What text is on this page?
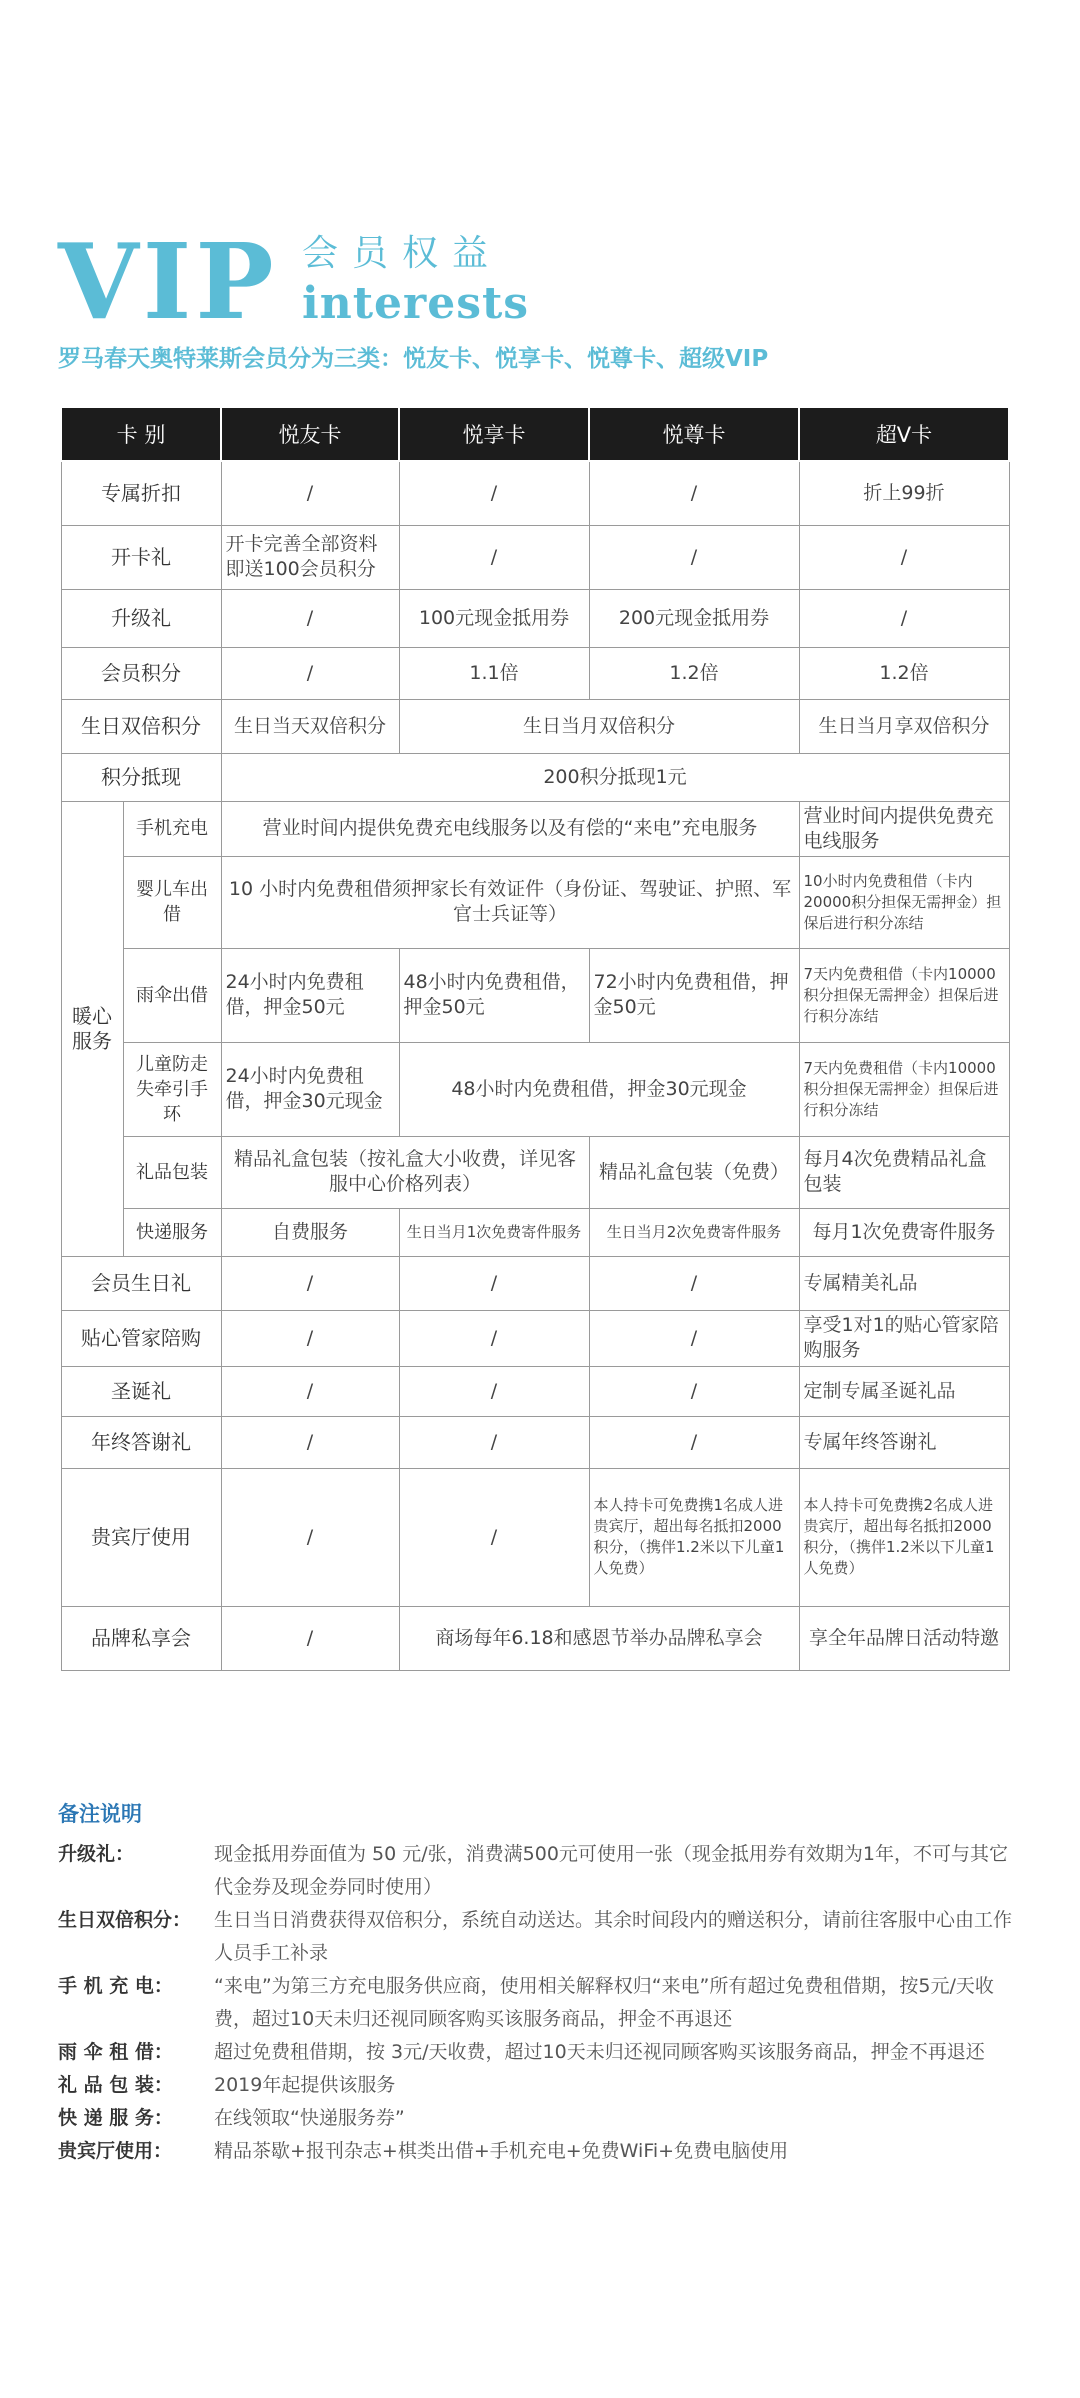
VIP 会员权益
interests
罗马春天奥特莱斯会员分为三类：悦友卡、悦享卡、悦尊卡、超级VIP
卡 别		悦友卡	悦享卡	悦尊卡	超V卡
专属折扣		/	/	/	折上99折
开卡礼		开卡完善全部资料即送100会员积分	/	/	/
升级礼		/	100元现金抵用券	200元现金抵用券	/
会员积分		/	1.1倍	1.2倍	1.2倍
生日双倍积分		生日当天双倍积分	生日当月双倍积分		生日当月享双倍积分
积分抵现		200积分抵现1元			
暖心服务	手机充电	营业时间内提供免费充电线服务以及有偿的“来电”充电服务			营业时间内提供免费充电线服务
	婴儿车出借	10 小时内免费租借须押家长有效证件（身份证、驾驶证、护照、军官士兵证等）			10小时内免费租借（卡内20000积分担保无需押金）担保后进行积分冻结
	雨伞出借	24小时内免费租借，押金50元	48小时内免费租借，押金50元	72小时内免费租借，押金50元	7天内免费租借（卡内10000积分担保无需押金）担保后进行积分冻结
	儿童防走失牵引手环	24小时内免费租借，押金30元现金	48小时内免费租借，押金30元现金		7天内免费租借（卡内10000积分担保无需押金）担保后进行积分冻结
	礼品包装	精品礼盒包装（按礼盒大小收费，详见客服中心价格列表）		精品礼盒包装（免费）	每月4次免费精品礼盒包装
	快递服务	自费服务	生日当月1次免费寄件服务	生日当月2次免费寄件服务	每月1次免费寄件服务
会员生日礼		/	/	/	专属精美礼品
贴心管家陪购		/	/	/	享受1对1的贴心管家陪购服务
圣诞礼		/	/	/	定制专属圣诞礼品
年终答谢礼		/	/	/	专属年终答谢礼
贵宾厅使用		/	/	本人持卡可免费携1名成人进贵宾厅，超出每名抵扣2000积分，（携伴1.2米以下儿童1人免费）	本人持卡可免费携2名成人进贵宾厅，超出每名抵扣2000积分，（携伴1.2米以下儿童1人免费）
品牌私享会		/	商场每年6.18和感恩节举办品牌私享会		享全年品牌日活动特邀
备注说明
升级礼：	现金抵用券面值为 50 元/张，消费满500元可使用一张（现金抵用券有效期为1年，不可与其它代金券及现金券同时使用）
生日双倍积分：	生日当日消费获得双倍积分，系统自动送达。其余时间段内的赠送积分，请前往客服中心由工作人员手工补录
手 机 充 电：	“来电”为第三方充电服务供应商，使用相关解释权归“来电”所有超过免费租借期，按5元/天收费，超过10天未归还视同顾客购买该服务商品，押金不再退还
雨 伞 租 借：	超过免费租借期，按 3元/天收费，超过10天未归还视同顾客购买该服务商品，押金不再退还
礼 品 包 装：	2019年起提供该服务
快 递 服 务：	在线领取“快递服务券”
贵宾厅使用：	精品茶歇+报刊杂志+棋类出借+手机充电+免费WiFi+免费电脑使用
